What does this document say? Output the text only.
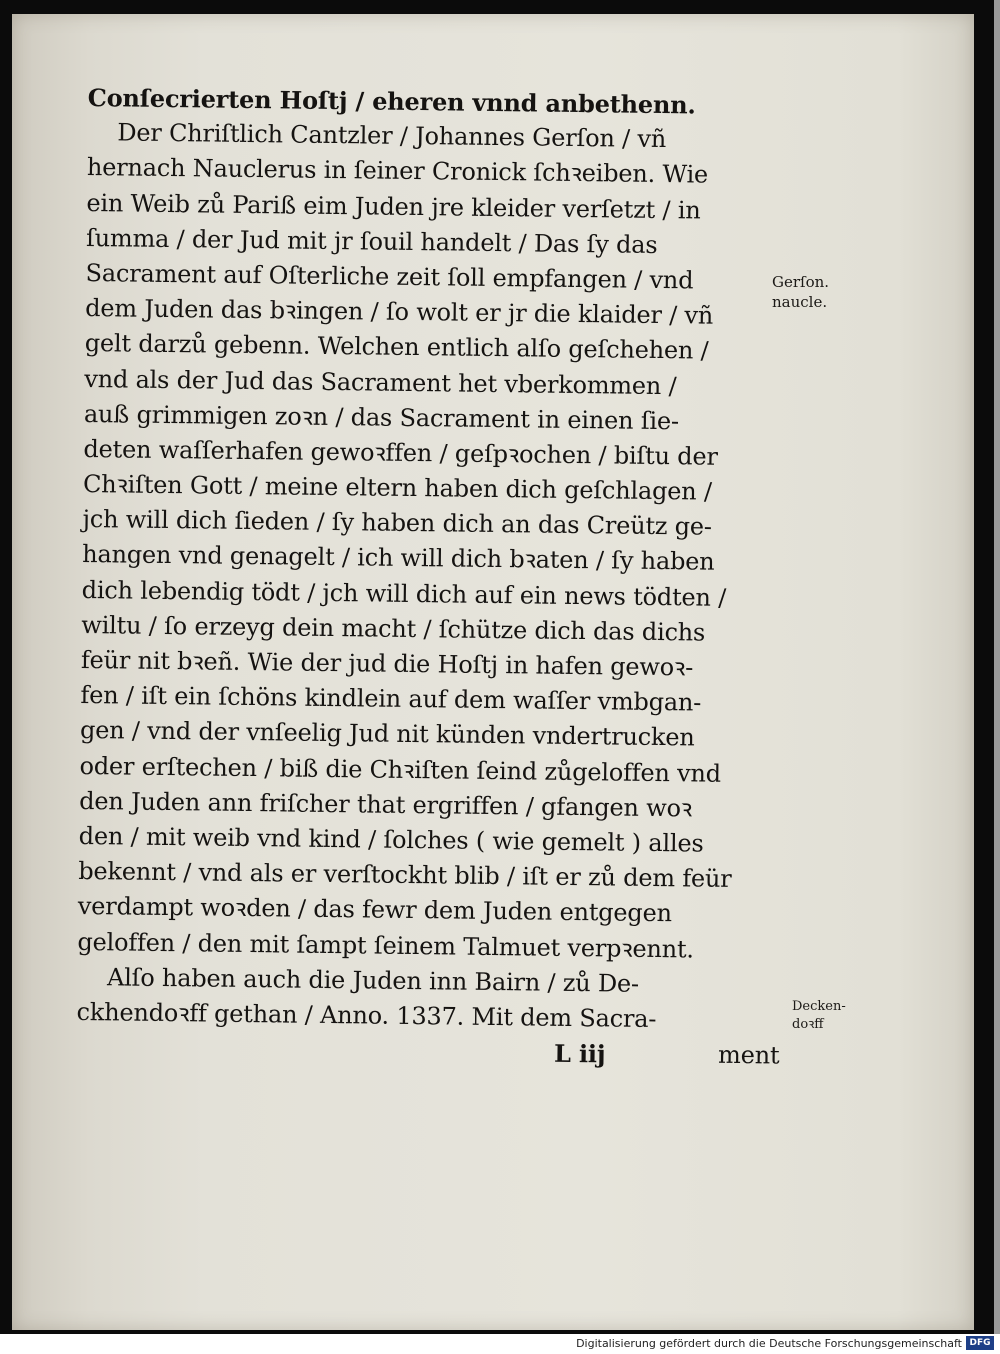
Conſecrierten Hoſtj / eheren vnnd anbethenn.
Der Chriſtlich Cantzler / Johannes Gerſon / vñ
hernach Nauclerus in ſeiner Cronick ſchꝛeiben. Wie
ein Weib zů Pariß eim Juden jre kleider verſetzt / in
ſumma / der Jud mit jr ſouil handelt / Das ſy das
Sacrament auf Oſterliche zeit ſoll empfangen / vnd
dem Juden das bꝛingen / ſo wolt er jr die klaider / vñ
gelt darzů gebenn. Welchen entlich alſo geſchehen /
vnd als der Jud das Sacrament het vberkommen /
auß grimmigen zoꝛn / das Sacrament in einen ſie-
deten waſſerhafen gewoꝛffen / geſpꝛochen / biſtu der
Chꝛiſten Gott / meine eltern haben dich geſchlagen /
jch will dich ſieden / ſy haben dich an das Creütz ge-
hangen vnd genagelt / ich will dich bꝛaten / ſy haben
dich lebendig tödt / jch will dich auf ein news tödten /
wiltu / ſo erzeyg dein macht / ſchütze dich das dichs
feür nit bꝛeñ. Wie der jud die Hoſtj in hafen gewoꝛ-
fen / iſt ein ſchöns kindlein auf dem waſſer vmbgan-
gen / vnd der vnſeelig Jud nit künden vndertrucken
oder erſtechen / biß die Chꝛiſten ſeind zůgeloffen vnd
den Juden ann friſcher that ergriffen / gfangen woꝛ
den / mit weib vnd kind / ſolches ( wie gemelt ) alles
bekennt / vnd als er verſtockht blib / iſt er zů dem feür
verdampt woꝛden / das fewr dem Juden entgegen
geloffen / den mit ſampt ſeinem Talmuet verpꝛennt.
Alſo haben auch die Juden inn Bairn / zů De-
ckhendoꝛff gethan / Anno. 1337. Mit dem Sacra-
L iij	ment
Gerſon.
naucle.
Decken-
doꝛff
Digitalisierung gefördert durch die Deutsche Forschungsgemeinschaft DFG
